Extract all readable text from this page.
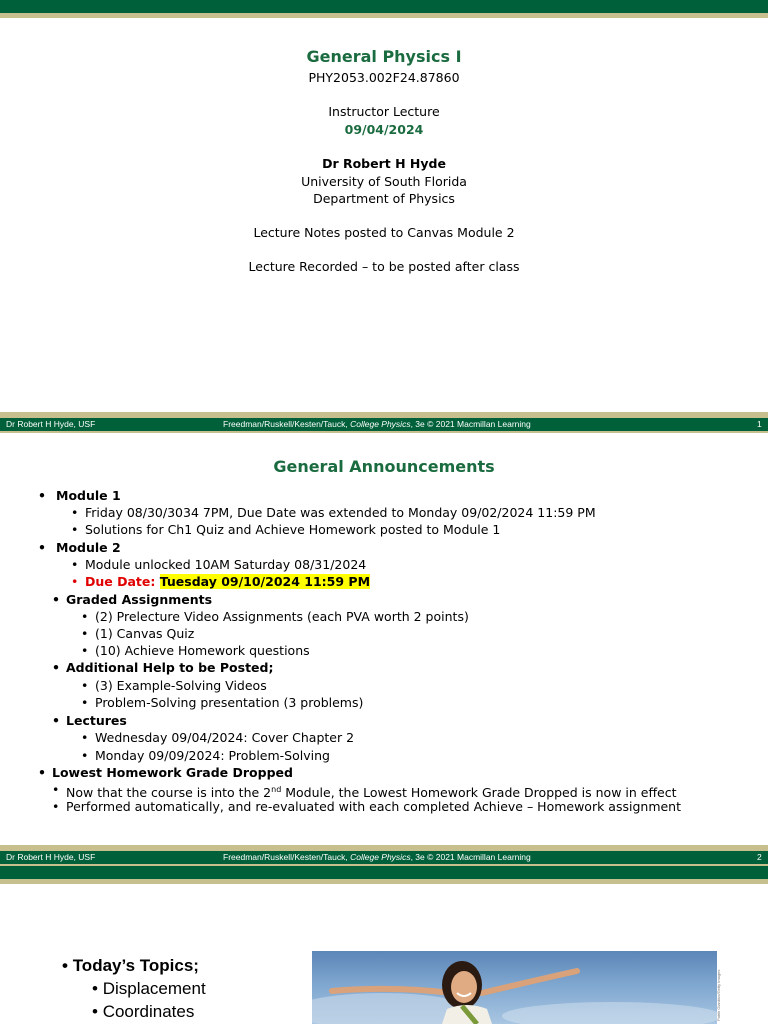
General Physics I
PHY2053.002F24.87860
Instructor Lecture
09/04/2024
Dr Robert H Hyde
University of South Florida
Department of Physics
Lecture Notes posted to Canvas Module 2
Lecture Recorded – to be posted after class
Dr Robert H Hyde, USF	Freedman/Ruskell/Kesten/Tauck, College Physics, 3e © 2021 Macmillan Learning	1
General Announcements
• Module 1
• Friday 08/30/3034 7PM, Due Date was extended to Monday 09/02/2024 11:59 PM
• Solutions for Ch1 Quiz and Achieve Homework posted to Module 1
• Module 2
• Module unlocked 10AM Saturday 08/31/2024
• Due Date: Tuesday 09/10/2024 11:59 PM
• Graded Assignments
• (2) Prelecture Video Assignments (each PVA worth 2 points)
• (1) Canvas Quiz
• (10) Achieve Homework questions
• Additional Help to be Posted;
• (3) Example-Solving Videos
• Problem-Solving presentation (3 problems)
• Lectures
• Wednesday 09/04/2024: Cover Chapter 2
• Monday 09/09/2024: Problem-Solving
• Lowest Homework Grade Dropped
• Now that the course is into the 2nd Module, the Lowest Homework Grade Dropped is now in effect
• Performed automatically, and re-evaluated with each completed Achieve – Homework assignment
Dr Robert H Hyde, USF	Freedman/Ruskell/Kesten/Tauck, College Physics, 3e © 2021 Macmillan Learning	2
• Today’s Topics;
• Displacement
• Coordinates	Patrik Giardino/Getty Images
